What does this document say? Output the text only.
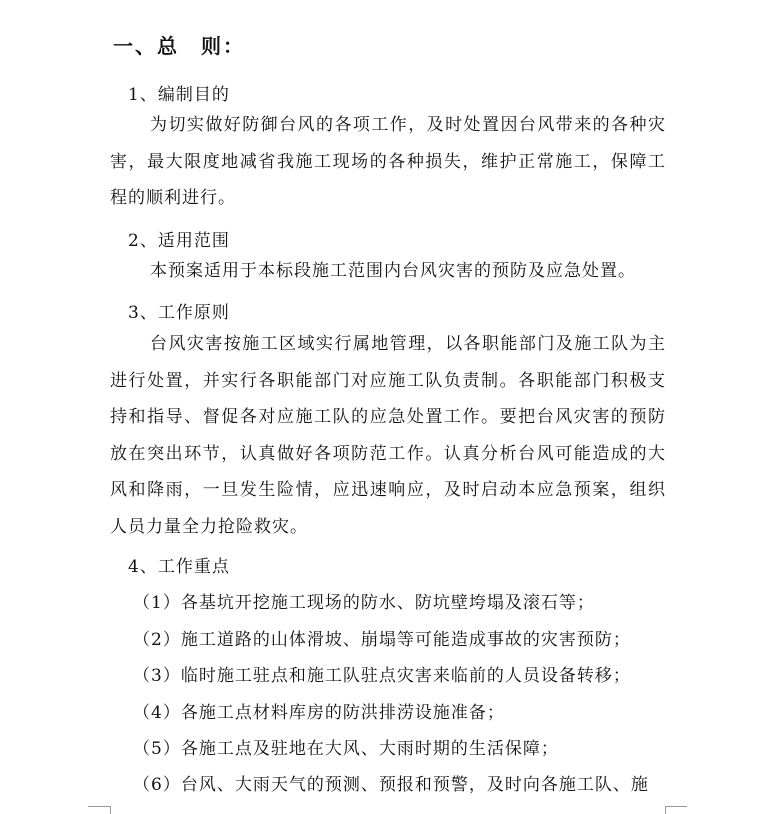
一、总　则：
1、编制目的

为切实做好防御台风的各项工作，及时处置因台风带来的各种灾害，最大限度地减省我施工现场的各种损失，维护正常施工，保障工程的顺利进行。

2、适用范围

本预案适用于本标段施工范围内台风灾害的预防及应急处置。

3、工作原则

台风灾害按施工区域实行属地管理，以各职能部门及施工队为主进行处置，并实行各职能部门对应施工队负责制。各职能部门积极支持和指导、督促各对应施工队的应急处置工作。要把台风灾害的预防放在突出环节，认真做好各项防范工作。认真分析台风可能造成的大风和降雨，一旦发生险情，应迅速响应，及时启动本应急预案，组织人员力量全力抢险救灾。

4、工作重点
（1）各基坑开挖施工现场的防水、防坑壁垮塌及滚石等；
（2）施工道路的山体滑坡、崩塌等可能造成事故的灾害预防；
（3）临时施工驻点和施工队驻点灾害来临前的人员设备转移；
（4）各施工点材料库房的防洪排涝设施准备；
（5）各施工点及驻地在大风、大雨时期的生活保障；
（6）台风、大雨天气的预测、预报和预警，及时向各施工队、施
